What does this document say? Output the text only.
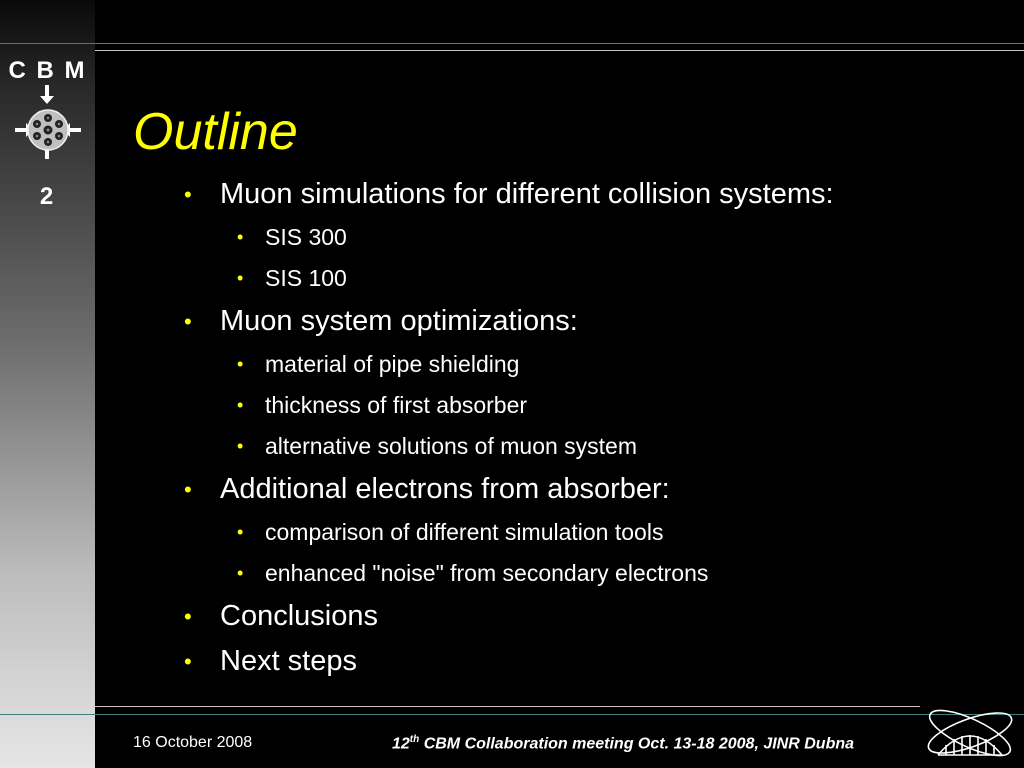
C B M
2
Outline
• Muon simulations for different collision systems:
• SIS 300
• SIS 100
• Muon system optimizations:
• material of pipe shielding
• thickness of first absorber
• alternative solutions of muon system
• Additional electrons from absorber:
• comparison of different simulation tools
• enhanced "noise" from secondary electrons
• Conclusions
• Next steps
16 October 2008	12th CBM Collaboration meeting Oct. 13-18 2008, JINR Dubna
